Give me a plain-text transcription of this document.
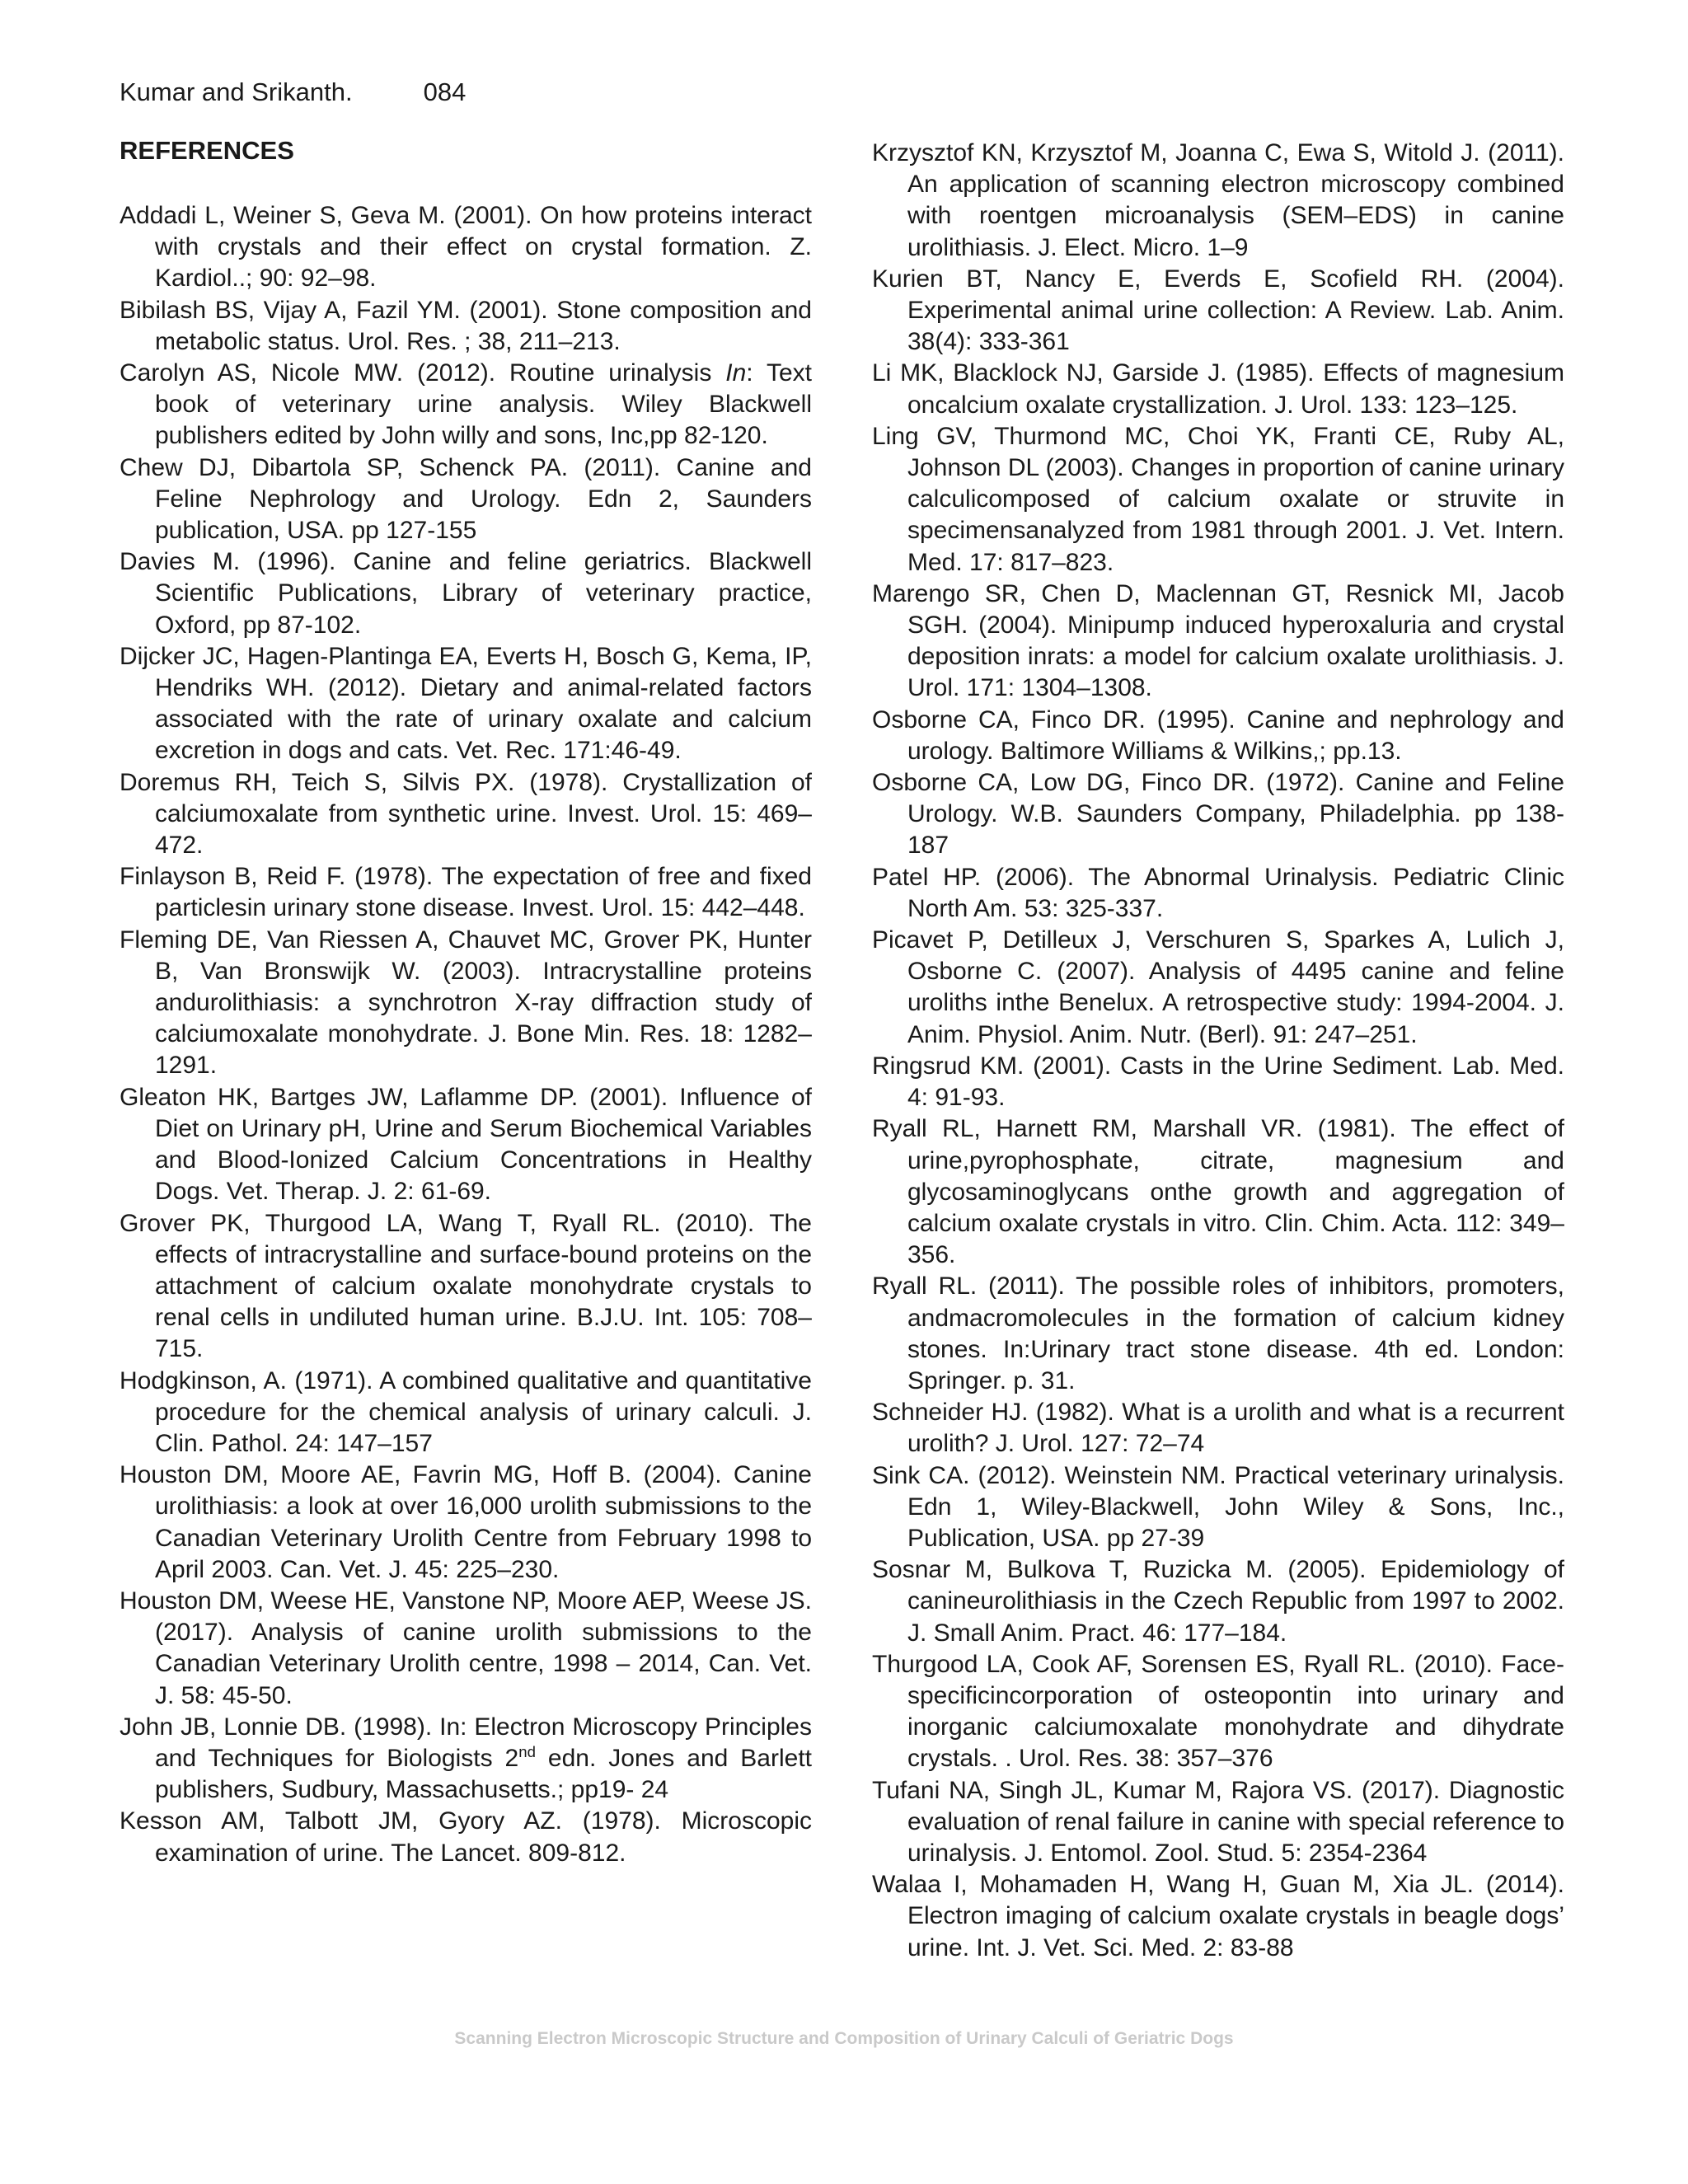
Kumar and Srikanth.	084
REFERENCES

Addadi L, Weiner S, Geva M. (2001). On how proteins interact with crystals and their effect on crystal formation. Z. Kardiol..; 90: 92–98.

Bibilash BS, Vijay A, Fazil YM. (2001). Stone composition and metabolic status. Urol. Res. ; 38, 211–213.

Carolyn AS, Nicole MW. (2012). Routine urinalysis In: Text book of veterinary urine analysis. Wiley Blackwell publishers edited by John willy and sons, Inc,pp 82-120.

Chew DJ, Dibartola SP, Schenck PA. (2011). Canine and Feline Nephrology and Urology. Edn 2, Saunders publication, USA. pp 127-155

Davies M. (1996). Canine and feline geriatrics. Blackwell Scientific Publications, Library of veterinary practice, Oxford, pp 87-102.

Dijcker JC, Hagen-Plantinga EA, Everts H, Bosch G, Kema, IP, Hendriks WH. (2012). Dietary and animal-related factors associated with the rate of urinary oxalate and calcium excretion in dogs and cats. Vet. Rec. 171:46-49.

Doremus RH, Teich S, Silvis PX. (1978). Crystallization of calciumoxalate from synthetic urine. Invest. Urol. 15: 469–472.

Finlayson B, Reid F. (1978). The expectation of free and fixed particlesin urinary stone disease. Invest. Urol. 15: 442–448.

Fleming DE, Van Riessen A, Chauvet MC, Grover PK, Hunter B, Van Bronswijk W. (2003). Intracrystalline proteins andurolithiasis: a synchrotron X-ray diffraction study of calciumoxalate monohydrate. J. Bone Min. Res. 18: 1282–1291.

Gleaton HK, Bartges JW, Laflamme DP. (2001). Influence of Diet on Urinary pH, Urine and Serum Biochemical Variables and Blood-Ionized Calcium Concentrations in Healthy Dogs. Vet. Therap. J. 2: 61-69.

Grover PK, Thurgood LA, Wang T, Ryall RL. (2010). The effects of intracrystalline and surface-bound proteins on the attachment of calcium oxalate monohydrate crystals to renal cells in undiluted human urine. B.J.U. Int. 105: 708–715.

Hodgkinson, A. (1971). A combined qualitative and quantitative procedure for the chemical analysis of urinary calculi. J. Clin. Pathol. 24: 147–157

Houston DM, Moore AE, Favrin MG, Hoff B. (2004). Canine urolithiasis: a look at over 16,000 urolith submissions to the Canadian Veterinary Urolith Centre from February 1998 to April 2003. Can. Vet. J. 45: 225–230.

Houston DM, Weese HE, Vanstone NP, Moore AEP, Weese JS. (2017). Analysis of canine urolith submissions to the Canadian Veterinary Urolith centre, 1998 – 2014, Can. Vet. J. 58: 45-50.

John JB, Lonnie DB. (1998). In: Electron Microscopy Principles and Techniques for Biologists 2nd edn. Jones and Barlett publishers, Sudbury, Massachusetts.; pp19- 24

Kesson AM, Talbott JM, Gyory AZ. (1978). Microscopic examination of urine. The Lancet. 809-812.

Krzysztof KN, Krzysztof M, Joanna C, Ewa S, Witold J. (2011). An application of scanning electron microscopy combined with roentgen microanalysis (SEM–EDS) in canine urolithiasis. J. Elect. Micro. 1–9

Kurien BT, Nancy E, Everds E, Scofield RH. (2004). Experimental animal urine collection: A Review. Lab. Anim. 38(4): 333-361

Li MK, Blacklock NJ, Garside J. (1985). Effects of magnesium oncalcium oxalate crystallization. J. Urol. 133: 123–125.

Ling GV, Thurmond MC, Choi YK, Franti CE, Ruby AL, Johnson DL (2003). Changes in proportion of canine urinary calculicomposed of calcium oxalate or struvite in specimensanalyzed from 1981 through 2001. J. Vet. Intern. Med. 17: 817–823.

Marengo SR, Chen D, Maclennan GT, Resnick MI, Jacob SGH. (2004). Minipump induced hyperoxaluria and crystal deposition inrats: a model for calcium oxalate urolithiasis. J. Urol. 171: 1304–1308.

Osborne CA, Finco DR. (1995). Canine and nephrology and urology. Baltimore Williams & Wilkins,; pp.13.

Osborne CA, Low DG, Finco DR. (1972). Canine and Feline Urology. W.B. Saunders Company, Philadelphia. pp 138-187

Patel HP. (2006). The Abnormal Urinalysis. Pediatric Clinic North Am. 53: 325-337.

Picavet P, Detilleux J, Verschuren S, Sparkes A, Lulich J, Osborne C. (2007). Analysis of 4495 canine and feline uroliths inthe Benelux. A retrospective study: 1994-2004. J. Anim. Physiol. Anim. Nutr. (Berl). 91: 247–251.

Ringsrud KM. (2001). Casts in the Urine Sediment. Lab. Med. 4: 91-93.

Ryall RL, Harnett RM, Marshall VR. (1981). The effect of urine,pyrophosphate, citrate, magnesium and glycosaminoglycans onthe growth and aggregation of calcium oxalate crystals in vitro. Clin. Chim. Acta. 112: 349–356.

Ryall RL. (2011). The possible roles of inhibitors, promoters, andmacromolecules in the formation of calcium kidney stones. In:Urinary tract stone disease. 4th ed. London: Springer. p. 31.

Schneider HJ. (1982). What is a urolith and what is a recurrent urolith? J. Urol. 127: 72–74

Sink CA. (2012). Weinstein NM. Practical veterinary urinalysis. Edn 1, Wiley-Blackwell, John Wiley & Sons, Inc., Publication, USA. pp 27-39

Sosnar M, Bulkova T, Ruzicka M. (2005). Epidemiology of canineurolithiasis in the Czech Republic from 1997 to 2002. J. Small Anim. Pract. 46: 177–184.

Thurgood LA, Cook AF, Sorensen ES, Ryall RL. (2010). Face-specificincorporation of osteopontin into urinary and inorganic calciumoxalate monohydrate and dihydrate crystals. . Urol. Res. 38: 357–376

Tufani NA, Singh JL, Kumar M, Rajora VS. (2017). Diagnostic evaluation of renal failure in canine with special reference to urinalysis. J. Entomol. Zool. Stud. 5: 2354-2364

Walaa I, Mohamaden H, Wang H, Guan M, Xia JL. (2014). Electron imaging of calcium oxalate crystals in beagle dogs’ urine. Int. J. Vet. Sci. Med. 2: 83-88

Scanning Electron Microscopic Structure and Composition of Urinary Calculi of Geriatric Dogs
